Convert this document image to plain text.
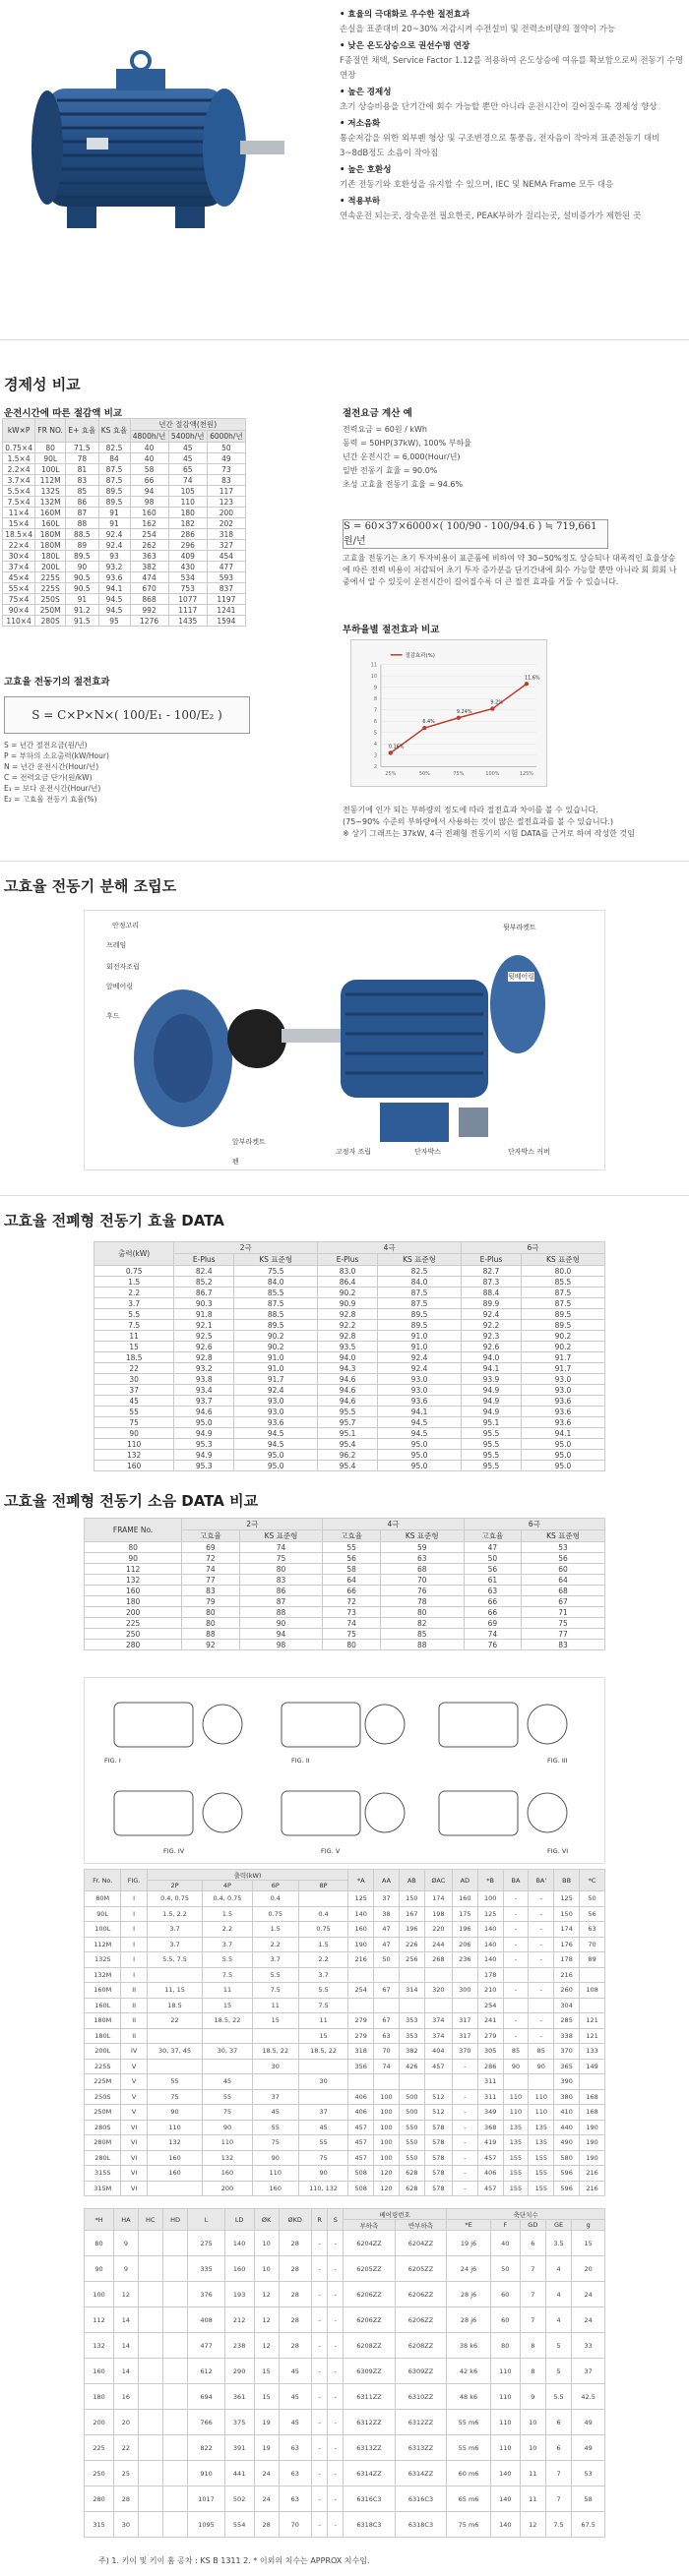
• 효율의 극대화로 우수한 절전효과
손실을 표준대비 20~30% 저감시켜 수전설비 및 전력소비량의 절약이 가능
• 낮은 온도상승으로 권선수명 연장
F종절연 채택, Service Factor 1.12를 적용하여 온도상승에 여유를 확보함으로써 전동기 수명 연장
• 높은 경제성
초기 상승비용을 단기간에 회수 가능할 뿐만 아니라 운전시간이 길어질수록 경제성 향상
• 저소음화
통순저감을 위한 외부펜 형상 및 구조변경으로 통풍음, 전자음이 작아져 표준전동기 대비 3~8dB정도 소음이 작아짐
• 높은 호환성
기존 전동기와 호환성을 유지할 수 있으며, IEC 및 NEMA Frame 모두 대응
• 적용부하
연속운전 되는곳, 장숙운전 필요한곳, PEAK부하가 걸리는곳, 설비증가가 제한된 곳
경제성 비교
운전시간에 따른 절감액 비교
kW×P	FR NO.	E+ 효율	KS 효율	년간 절감액(천원)		
				4800h/년	5400h/년	6000h/년
0.75×4	80	71.5	82.5	40	45	50
1.5×4	90L	78	84	40	45	49
2.2×4	100L	81	87.5	58	65	73
3.7×4	112M	83	87.5	66	74	83
5.5×4	132S	85	89.5	94	105	117
7.5×4	132M	86	89.5	98	110	123
11×4	160M	87	91	160	180	200
15×4	160L	88	91	162	182	202
18.5×4	180M	88.5	92.4	254	286	318
22×4	180M	89	92.4	262	296	327
30×4	180L	89.5	93	363	409	454
37×4	200L	90	93.2	382	430	477
45×4	225S	90.5	93.6	474	534	593
55×4	225S	90.5	94.1	670	753	837
75×4	250S	91	94.5	868	1077	1197
90×4	250M	91.2	94.5	992	1117	1241
110×4	280S	91.5	95	1276	1435	1594
고효율 전동기의 절전효과
S = C×P×N×( 100/E₁ - 100/E₂ )
S = 년간 절전요금(원/년)
P = 부하의 소요출력(kW/Hour)
N = 년간 운전시간(Hour/년)
C = 전력요금 단가(원/kW)
E₁ = 보다 운전시간(Hour/년)
E₂ = 고효율 전동기 효율(%)
절전요금 계산 예
전력요금 = 60원 / kWh
동력 = 50HP(37kW), 100% 부하율
년간 운전시간 = 6,000(Hour/년)
일반 전동기 효율 = 90.0%
초성 고효율 전동기 효율 = 94.6%
S = 60×37×6000×( 100/90 - 100/94.6 ) ≒ 719,661원/년
고효율 전동기는 초기 투자비용이 표준품에 비하여 약 30~50%정도 상승되나 대폭적인 효율상승에 따른 전력 비용이 저감되어 초기 투자 증가분을 단기간내에 회수 가능할 뿐만 아니라 회 회회 나중에서 알 수 있듯이 운전시간이 길어질수록 더 큰 절전 효과를 거둘 수 있습니다.
부하율별 절전효과 비교
2
3
4
5
6
7
8
9
10
11
0.16%
25%
6.4%
50%
9.24%
75%
9.2%
100%
11.6%
125%
절감효과(%)
전동기에 인가 되는 부하량의 정도에 따라 절전효과 차이를 볼 수 있습니다.
(75~90% 수준의 부하량에서 사용하는 것이 많은 절전효과를 볼 수 있습니다.)
※ 상기 그래프는 37kW, 4극 전폐형 전동기의 시험 DATA를 근거로 하여 작성한 것임
고효율 전동기 분해 조립도
안정고리
프레임
회전자조립
앞베어링
후드
뒷부라켓트
뒷베어링
앞부라켓트
펜
고정자 조립	단자박스	단자박스 커버
고효율 전폐형 전동기 효율 DATA
출력(kW)	2극		4극		6극	
	E-Plus	KS 표준형	E-Plus	KS 표준형	E-Plus	KS 표준형
0.75	82.4	75.5	83.0	82.5	82.7	80.0
1.5	85.2	84.0	86.4	84.0	87.3	85.5
2.2	86.7	85.5	90.2	87.5	88.4	87.5
3.7	90.3	87.5	90.9	87.5	89.9	87.5
5.5	91.8	88.5	92.8	89.5	92.4	89.5
7.5	92.1	89.5	92.2	89.5	92.2	89.5
11	92.5	90.2	92.8	91.0	92.3	90.2
15	92.6	90.2	93.5	91.0	92.6	90.2
18.5	92.8	91.0	94.0	92.4	94.0	91.7
22	93.2	91.0	94.3	92.4	94.1	91.7
30	93.8	91.7	94.6	93.0	93.9	93.0
37	93.4	92.4	94.6	93.0	94.9	93.0
45	93.7	93.0	94.6	93.6	94.9	93.6
55	94.6	93.0	95.5	94.1	94.9	93.6
75	95.0	93.6	95.7	94.5	95.1	93.6
90	94.9	94.5	95.1	94.5	95.5	94.1
110	95.3	94.5	95.4	95.0	95.5	95.0
132	94.9	95.0	96.2	95.0	95.5	95.0
160	95.3	95.0	95.4	95.0	95.5	95.0
고효율 전폐형 전동기 소음 DATA 비교
FRAME No.	2극		4극		6극	
	고효율	KS 표준형	고효율	KS 표준형	고효율	KS 표준형
80	69	74	55	59	47	53
90	72	75	56	63	50	56
112	74	80	58	68	56	60
132	77	83	64	70	61	64
160	83	86	66	76	63	68
180	79	87	72	78	66	67
200	80	88	73	80	66	71
225	80	90	74	82	69	75
250	88	94	75	85	74	77
280	92	98	80	88	76	83
FIG. I	FIG. II	FIG. III
FIG. IV	FIG. V	FIG. VI
Fr. No.	FIG.	출력(kW)				*A	AA	AB	ØAC	AD	*B	BA	BA'	BB	*C
		2P	4P	6P	8P										
80M	I	0.4, 0.75	0.4, 0.75	0.4		125	37	150	174	160	100	-	-	125	50
90L	I	1.5, 2.2	1.5	0.75	0.4	140	38	167	198	175	125	-	-	150	56
100L	I	3.7	2.2	1.5	0.75	160	47	196	220	196	140	-	-	174	63
112M	I	3.7	3.7	2.2	1.5	190	47	226	244	206	140	-	-	176	70
132S	I	5.5, 7.5	5.5	3.7	2.2	216	50	256	268	236	140	-	-	178	89
132M	I		7.5	5.5	3.7						178			216	
160M	II	11, 15	11	7.5	5.5	254	67	314	320	300	210	-	-	260	108
160L	II	18.5	15	11	7.5						254			304	
180M	II	22	18.5, 22	15	11	279	67	353	374	317	241	-	-	285	121
180L	II				15	279	63	353	374	317	279	-	-	338	121
200L	IV	30, 37, 45	30, 37	18.5, 22	18.5, 22	318	70	382	404	370	305	85	85	370	133
225S	V			30		356	74	426	457	-	286	90	90	365	149
225M	V	55	45		30						311			390	
250S	V	75	55	37		406	100	500	512	-	311	110	110	380	168
250M	V	90	75	45	37	406	100	500	512	-	349	110	110	410	168
280S	VI	110	90	55	45	457	100	550	578	-	368	135	135	440	190
280M	VI	132	110	75	55	457	100	550	578	-	419	135	135	490	190
280L	VI	160	132	90	75	457	100	550	578	-	457	155	155	580	190
315S	VI	160	160	110	90	508	120	628	578	-	406	155	155	596	216
315M	VI		200	160	110, 132	508	120	628	578	-	457	155	155	596	216
*H	HA	HC	HD	L	LD	ØK	ØKD	R	S	베어링번호		축단치수				
										부하측	반부하측	*E	F	GD	GE	g
80	9			275	140	10	28	-	-	6204ZZ	6204ZZ	19 j6	40	6	3.5	15
90	9			335	160	10	28	-	-	6205ZZ	6205ZZ	24 j6	50	7	4	20
100	12			376	193	12	28	-	-	6206ZZ	6206ZZ	28 j6	60	7	4	24
112	14			408	212	12	28	-	-	6206ZZ	6206ZZ	28 j6	60	7	4	24
132	14			477	238	12	28	-	-	6208ZZ	6208ZZ	38 k6	80	8	5	33
160	14			612	290	15	45	-	-	6309ZZ	6309ZZ	42 k6	110	8	5	37
180	16			694	361	15	45	-	-	6311ZZ	6310ZZ	48 k6	110	9	5.5	42.5
200	20			766	375	19	45	-	-	6312ZZ	6312ZZ	55 m6	110	10	6	49
225	22			822	391	19	63	-	-	6313ZZ	6313ZZ	55 m6	110	10	6	49
250	25			910	441	24	63	-	-	6314ZZ	6314ZZ	60 m6	140	11	7	53
280	28			1017	502	24	63	-	-	6316C3	6316C3	65 m6	140	11	7	58
315	30			1095	554	28	70	-	-	6318C3	6318C3	75 m6	140	12	7.5	67.5
주) 1. 키이 및 키이 홈 공차 : KS B 1311 2. * 이외의 치수는 APPROX 치수임.
